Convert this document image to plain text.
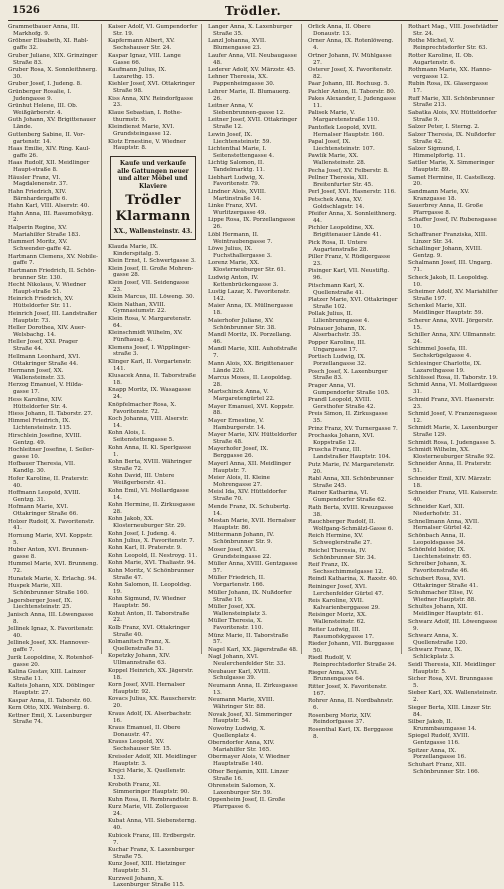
1526	Trödler.

Grammetbauer Anna, III. Markhofg. 9.

Gröbner Elisabeth, XI. Rabl-gaffe 32.

Gruber Juliane, XIX. Grinzinger Straße 83.

Gruber Rosa, X. Sonnleithnerg. 30.

Gruber Josef, I. Judeng. 8.

Grünberger Rosalie, I. Judengasse 9.

Grünhut Helene, III. Ob. Weißgärberstr. 4.

Guth Johann, XV. Brigittenauer Lände.

Guttenberg Sabine, II. Vor-gartenstr. 14.

Haas Emilie, XIV. Ring. Kaul-gaffe 26.

Haas Rudolf, XII. Meidlinger Haupt-straße 8.

Häusler Franz, VI. Magdalenenstr. 37.

Hahn Friedrich, XIV. Bärnhardergaffe 6.

Hahn Karl, VIII. Alserstr. 40.

Hahn Anna, III. Rasumofskyg. 2.

Halperin Regine, XV. Mariahilfer Straße 183.

Hammerl Moritz, XV. Schwender-gaffe 42.

Hartmann Clemens, XV. Nobile-gaffe 7.

Hartmann Friedrich, II. Schön-brunner Str. 130.

Hecht Nikolaus, V. Wiedner Haupt-straße 51.

Heinrich Friedrich, XV. Hütteldorfer Str. 11.

Heinrich Josef, III. Landstraßer Hauptstr. 73.

Heller Dorothea, XIV. Auer-Welsbachg. 14.

Heller Josef, XXI. Prager Straße 44.

Hellmann Leonhard, XVI. Ottakringer Straße 44.

Hermann Josef, XX. Wallensteinstr. 33.

Herzog Emanuel, V. Hilda-gasse 17.

Hess Karoline, XIV. Hütteldorfer Str. 4.

Hiess Johann, II. Taborstr. 27.

Himmel Friedrich, IX. Lichtensteinstr. 115.

Hirschlein Josefine, XVIII. Gentzg. 49.

Hochleitner Josefine, I. Seiler-gasse 10.

Hofbauer Theresia, VII. Kandlg. 30.

Hofer Karoline, II. Praterstr. 40.

Hoffmann Leopold, XVIII. Gentzg. 31.

Hofmann Marie, XVI. Ottakringer Straße 66.

Holzer Rudolf, X. Favoritenstr. 41.

Hornung Marie, XVI. Koppstr. 5.

Huber Anton, XVI. Brunnen-gasse 8.

Hummel Marie, XVI. Brunneng. 72.

Hunatek Marie, X. Erlachg. 94.

Huspek Marie, XII. Schönbrunner Straße 160.

Jagersberger Josef, IX. Liechtensteinstr. 25.

Janisch Anna, III. Löwengasse 8.

Jellinek Ignaz, X. Favoritenstr. 40.

Jellinek Josef, XX. Hannover-gaffe 7.

Jurik Leopoldine, X. Rotenhof-gasse 20.

Kalina Gustav, XIII. Lainzer Straße 11.

Kalteis Johann, XIX. Döblinger Hauptstr. 27.

Kaspar Anna, II. Taborstr. 60.

Kern Otto, XIX. Weinberg. 6.

Kettner Emil, X. Laxenburger Straße 74.

Kaiser Adolf, VI. Gumpendorfer Str. 19.

Kapfermann Albert, XV. Sechshauser Str. 24.

Kaspar Ignaz, VIII. Lange Gasse 66.

Kaufmann Julius, IX. Lazarethg. 15.

Kiehler Josef, XVI. Ottakringer Straße 98.

Kiss Anna, XIV. Reindorfgasse 23.

Klaue Sebastian, I. Rothe-thurmstr. 9.

Kleindienst Marie, XVI. Grundsteingasse 12.

Klotz Ernestine, V. Wiedner Hauptstr. 8.

Kaufe und verkaufe alle Gattungen neuer und alter Möbel und Klaviere
Trödler Klarmann
XX., Wallensteinstr. 43.

Klauda Marie, IX. Kinderspitalg. 5.

Klein Ernst, I. Schwertgasse 3.

Klein Josef, II. Große Mohren-gasse 28.

Klein Josef, VII. Seidengasse 23.

Klein Marcus, III. Löweng. 30.

Klein Nathan, XVIII. Gymnasiumstr. 22.

Klein Rosa, V. Margaretenstr. 64.

Kleinschmidt Wilhelm, XV. Fünfhausg. 4.

Klemens Josef, I. Wipplinger-straße 3.

Klinger Karl, II. Vorgartenstr. 141.

Klusacek Anna, II. Taborstraße 18.

Knapp Moritz, IX. Wasagasse 24.

Knöpfelmacher Rosa, X. Favoritenstr. 72.

Koch Johanna, VIII. Alserstr. 14.

Kohn Alois, I. Seitenstettengasse 5.

Kohn Anna, II. Kl. Sperlgasse 1.

Kohn Berta, XVIII. Währinger Straße 72.

Kohn David, III. Untere Weißgerberstr. 41.

Kohn Emil, VI. Mollardgasse 14.

Kohn Hermine, II. Zirkusgasse 28.

Kohn Jakob, XX. Klosterneuburger Str. 29.

Kohn Josef, I. Judeng. 4.

Kohn Julius, X. Favoritenstr. 7.

Kohn Karl, II. Praterstr. 9.

Kohn Leopold, II. Nestroyg. 11.

Kohn Marie, XVI. Thaliastr. 94.

Kohn Moritz, V. Schönbrunner Straße 47.

Kohn Salomon, II. Leopoldsg. 19.

Kohn Sigmund, IV. Wiedner Hauptstr. 56.

Kohut Anton, II. Taborstraße 22.

Kolb Franz, XVI. Ottakringer Straße 40.

Kolmanitsch Franz, X. Quellenstraße 51.

Kopetzky Johann, XIV. Ullmannstraße 63.

Koppel Heinrich, XX. Jägerstr. 18.

Korn Josef, XVII. Hernalser Hauptstr. 92.

Kovacs Julius, XX. Rauscherstr. 20.

Kraus Adolf, IX. Alserbachstr. 16.

Kraus Emanuel, II. Obere Donaustr. 47.

Krauss Leopold, XV. Sechshauser Str. 15.

Kreissler Adolf, XII. Meidlinger Hauptstr. 3.

Krejci Marie, X. Quellenstr. 132.

Kroboth Franz, XI. Simmeringer Hauptstr. 90.

Kuhn Rosa, II. Rembrandtstr. 8.

Kurz Marie, VII. Zollergasse 24.

Kubat Anna, VII. Siebensterng. 40.

Kubicek Franz, III. Erdbergstr. 7.

Kuchar Franz, X. Laxenburger Straße 75.

Kunz Josef, XIII. Hietzinger Hauptstr. 51.

Kurzweil Johann, X. Laxenburger Straße 115.

Langer Anna, X. Laxenburger Straße 35.

Lanzl Johanna, XVII. Blumengasse 23.

Laufer Anna, VII. Neubaugasse 48.

Lederer Adolf, XV. Märzstr. 45.

Lehner Theresia, XX. Pappenheimgasse 30.

Lehrer Marie, II. Blumauerg. 26.

Leitner Anna, V. Siebenbrunnen-gasse 12.

Leitner Josef, XVII. Ottakringer Straße 12.

Lewin Josef, IX. Liechtensteinstr. 59.

Lichtenthal Marie, I. Seitenstettengasse 4.

Lichtig Salomon, II. Tandelmarktg. 11.

Liebhart Ludwig, X. Favoritenstr. 79.

Lindner Alois, XVIII. Martinstraße 14.

Linke Franz, XVI. Wurlitzergasse 49.

Lippe Rosa, IX. Porzellangasse 26.

Löbl Hermann, II. Weintraubengasse 7.

Löwe Julius, IX. Fuchsthallergasse 3.

Lorenz Marie, XX. Klosterneuburger Str. 61.

Ludwig Anton, IV. Kettenbrückengasse 3.

Lustig Lazar, X. Favoritenstr. 142.

Maier Anna, IX. Müllnergasse 18.

Maierhofer Juliane, XV. Schönbrunner Str. 38.

Mandl Moritz, IX. Porzellang. 46.

Mandl Marie, XIII. Auhofstraße 7.

Mann Alois, XX. Brigittenauer Lände 220.

Marcus Moses, II. Leopoldsg. 28.

Martschinck Anna, V. Margaretengürtel 22.

Mayer Emanuel, XVI. Koppstr. 88.

Mayer Ernestine, V. Hamburgerstr. 14.

Mayer Marie, XIV. Hütteldorfer Straße 48.

Mayerhofer Josef, IX. Berggasse 26.

Mayerl Anna, XII. Meidlinger Hauptstr. 7.

Meier Alois, II. Kleine Mohrengasse 27.

Meisl Ida, XIV. Hütteldorfer Straße 70.

Mende Franz, IX. Schubertg. 14.

Mestan Marie, XVII. Hernalser Hauptstr. 86.

Mittermann Johann, IV. Schönbrunner Str. 9.

Moser Josef, XVI. Grundsteingasse 22.

Müller Anna, XVIII. Gentzgasse 57.

Müller Friedrich, II. Vorgartenstr. 166.

Müller Johann, IX. Nußdorfer Straße 19.

Müller Josef, XX. Wallensteinplatz 3.

Müller Theresia, X. Favoritenstr. 110.

Münz Marie, II. Taborstraße 57.

Nagel Karl, XX. Jägerstraße 48.

Nagl Johann, XVI. Neulerchenfelder Str. 33.

Neubauer Karl, XVIII. Schulgasse 39.

Neumann Anna, II. Zirkusgasse 13.

Neumann Marie, XVIII. Währinger Str. 88.

Novak Josef, XI. Simmeringer Hauptstr. 54.

Nowotny Ludwig, X. Quellenplatz 4.

Oberndorfer Anna, XIV. Mariahilfer Str. 165.

Obermayer Alois, V. Wiedner Hauptstraße 140.

Ofner Benjamin, XIII. Linzer Straße 16.

Ohrenstein Salomon, X. Laxenburger Str. 59.

Oppenheim Josef, II. Große Pfarrgasse 6.

Orlick Anna, II. Obere Donaustr. 13.

Orner Anna, IX. Rotenlöweng. 4.

Ortner Johann, IV. Mühlgasse 27.

Osterer Josef, X. Favoritenstr. 82.

Paar Johann, III. Rochusg. 5.

Pachler Anton, II. Taborstr. 80.

Pakes Alexander, I. Judengasse 11.

Palisek Marie, V. Margaretenstraße 110.

Pantoflek Leopold, XVII. Hernalser Hauptstr. 160.

Papal Josef, IX. Liechtensteinstr. 107.

Pawlik Marie, XX. Wallensteinstr. 28.

Pecha Josef, XV. Felberstr. 8.

Pellner Theresia, XII. Breitenfurter Str. 45.

Perl Josef, XVI. Hasnerstr. 116.

Petschek Anna, XV. Goldschlagstr. 14.

Pfeifer Anna, X. Sonnleithnerg. 44.

Pichler Leopoldine, XX. Brigittenauer Lände 41.

Pick Rosa, II. Untere Augartenstraße 28.

Piller Franz, V. Rüdigergasse 23.

Pisinger Karl, VII. Neustiftg. 96.

Pitschmann Karl, X. Quellenstraße 41.

Platzer Marie, XVI. Ottakringer Straße 102.

Pollak Julius, II. Lilienbrunngasse 4.

Polnauer Johann, IX. Alserbachstr. 35.

Popper Karoline, III. Ungargasse 17.

Portisch Ludwig, IX. Porzellangasse 32.

Posch Josef, X. Laxenburger Straße 83.

Prager Anna, VI. Gumpendorfer Straße 105.

Prandl Leopold, XVIII. Gersthofer Straße 42.

Preis Simon, II. Zirkusgasse 35.

Prinz Franz, XV. Turnergasse 7.

Prochaska Johann, XVI. Koppstraße 12.

Pruscha Franz, III. Landstraßer Hauptstr. 104.

Putz Marie, IV. Margaretenstr. 20.

Rabl Anna, XII. Schönbrunner Straße 245.

Rainer Katharina, VI. Gumpendorfer Straße 62.

Rath Berta, XVIII. Kreuzgasse 38.

Rauchberger Rudolf, II. Wolfgang-Schmälzl-Gasse 6.

Reich Hermine, XV. Schweglerstraße 27.

Reichel Theresia, IV. Schönbrunner Str. 34.

Reif Franz, IX. Sechsschimmelgasse 12.

Reindl Katharina, X. Raxstr. 40.

Reininger Josef, XVI. Lerchenfelder Gürtel 47.

Reis Karoline, XVII. Kalvarienberggasse 29.

Reisinger Moriz, XX. Wallensteinstr. 62.

Reiter Ludwig, III. Rasumofskygasse 17.

Rieder Johann, VII. Burggasse 50.

Riedl Rudolf, V. Reinprechtsdorfer Straße 24.

Rieger Anna, XVI. Brunnengasse 64.

Ritter Josef, X. Favoritenstr. 167.

Rohrer Anna, II. Nordbahnstr. 6.

Rosenberg Moriz, XIV. Reindorfgasse 37.

Rosenthal Karl, IX. Berggasse 8.

Rothart Mag., VIII. Josefstädter Str. 24.

Rothe Michel, V. Reinprechtsdorfer Str. 63.

Rotter Karoline, II. Ob. Augartenstr. 6.

Rothmann Marie, XX. Hanno-vergasse 12.

Rubin Rosa, IX. Glasergasse 17.

Ruff Marie, XII. Schönbrunner Straße 213.

Sabatka Alois, XV. Hütteldorfer Straße 9.

Salzer Peter, I. Sterng. 2.

Salzer Theresia, IX. Nußdorfer Straße 42.

Salzer Sigmund, I. Himmelpfortg. 11.

Sattler Marie, X. Simmeringer Hauptstr. 89.

Samet Hermine, II. Castellezg. 20.

Sandmann Marie, XV. Kranzgasse 18.

Sauerbrey Anna, II. Große Pfarrgasse 8.

Schaffer Josef, IV. Rubensgasse 10.

Schaffraner Franziska, XIII. Linzer Str. 34.

Schallinger Johann, XVIII. Gentzg. 9.

Schalmann Josef, III. Ungarg. 71.

Scheck Jakob, II. Leopoldsg. 10.

Scheimer Adolf, XV. Mariahilfer Straße 197.

Schenkel Marie, XII. Meidlinger Hauptstr. 59.

Scherer Anna, XVII. Jörgerstr. 15.

Schiller Anna, XIV. Ullmannstr. 24.

Schimmel Josefa, III. Sechskrügelgasse 4.

Schlesinger Charlotte, IX. Lazarethgasse 19.

Schlüssel Rosa, II. Taborstr. 19.

Schmid Anna, VI. Mollardgasse 31.

Schmid Franz, XVI. Hasnerstr. 23.

Schmid Josef, V. Franzensgasse 12.

Schmidt Marie, X. Laxenburger Straße 129.

Schmidt Rosa, I. Judengasse 5.

Schmidt Wilhelm, XX. Klosterneuburger Straße 92.

Schneider Anna, II. Praterstr. 51.

Schneider Emil, XIV. Märzstr. 18.

Schneider Franz, VII. Kaiserstr. 40.

Schneider Karl, XII. Niederhofstr. 31.

Schnellmann Anna, XVII. Hernalser Gürtel 42.

Schönbach Anna, II. Leopoldsgasse 34.

Schönfeld Isidor, IX. Liechtensteinstr. 65.

Schreiber Johann, X. Favoritenstraße 46.

Schubert Rosa, XVI. Ottakringer Straße 41.

Schuhmacher Elise, IV. Wiedner Hauptstr. 88.

Schultes Johann, XII. Meidlinger Hauptstr. 61.

Schwarz Adolf, III. Löwengasse 9.

Schwarz Anna, X. Quellenstraße 120.

Schwarz Franz, IX. Schlickplatz 3.

Seidl Theresia, XII. Meidlinger Hauptstr. 5.

Sicher Rosa, XVI. Brunngasse 5.

Sieber Karl, XX. Wallensteinstr. 2.

Sieger Berta, XIII. Linzer Str. 84.

Silber Jakob, II. Krummbaumgasse 14.

Spiegel Rudolf, XVIII. Gentzgasse 116.

Spitzer Anna, IX. Porzellangasse 16.

Schuhart Franz, XII. Schönbrunner Str. 166.
